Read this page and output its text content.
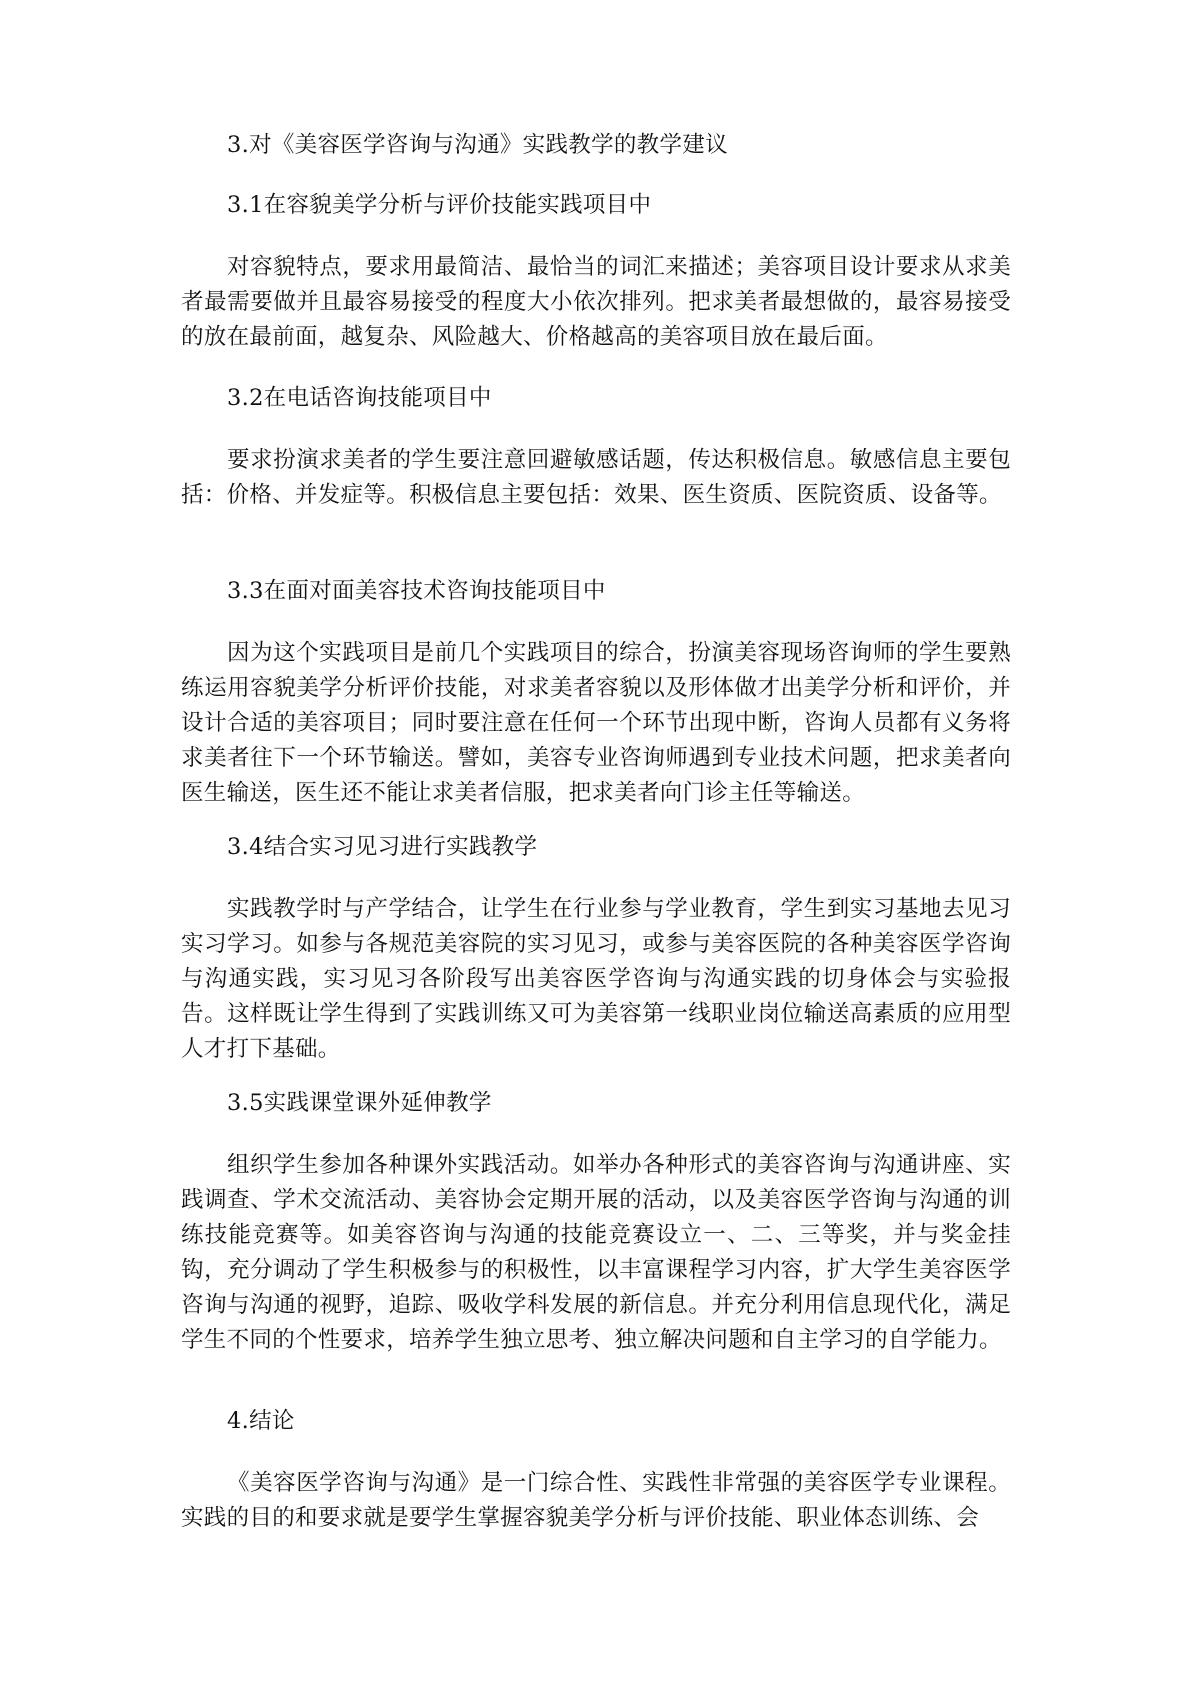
3.对《美容医学咨询与沟通》实践教学的教学建议

3.1在容貌美学分析与评价技能实践项目中

对容貌特点，要求用最简洁、最恰当的词汇来描述；美容项目设计要求从求美者最需要做并且最容易接受的程度大小依次排列。把求美者最想做的，最容易接受的放在最前面，越复杂、风险越大、价格越高的美容项目放在最后面。

3.2在电话咨询技能项目中

要求扮演求美者的学生要注意回避敏感话题，传达积极信息。敏感信息主要包括：价格、并发症等。积极信息主要包括：效果、医生资质、医院资质、设备等。

3.3在面对面美容技术咨询技能项目中

因为这个实践项目是前几个实践项目的综合，扮演美容现场咨询师的学生要熟练运用容貌美学分析评价技能，对求美者容貌以及形体做才出美学分析和评价，并设计合适的美容项目；同时要注意在任何一个环节出现中断，咨询人员都有义务将求美者往下一个环节输送。譬如，美容专业咨询师遇到专业技术问题，把求美者向医生输送，医生还不能让求美者信服，把求美者向门诊主任等输送。

3.4结合实习见习进行实践教学

实践教学时与产学结合，让学生在行业参与学业教育，学生到实习基地去见习实习学习。如参与各规范美容院的实习见习，或参与美容医院的各种美容医学咨询与沟通实践，实习见习各阶段写出美容医学咨询与沟通实践的切身体会与实验报告。这样既让学生得到了实践训练又可为美容第一线职业岗位输送高素质的应用型人才打下基础。

3.5实践课堂课外延伸教学

组织学生参加各种课外实践活动。如举办各种形式的美容咨询与沟通讲座、实践调查、学术交流活动、美容协会定期开展的活动，以及美容医学咨询与沟通的训练技能竞赛等。如美容咨询与沟通的技能竞赛设立一、二、三等奖，并与奖金挂钩，充分调动了学生积极参与的积极性，以丰富课程学习内容，扩大学生美容医学咨询与沟通的视野，追踪、吸收学科发展的新信息。并充分利用信息现代化，满足学生不同的个性要求，培养学生独立思考、独立解决问题和自主学习的自学能力。

4.结论

《美容医学咨询与沟通》是一门综合性、实践性非常强的美容医学专业课程。实践的目的和要求就是要学生掌握容貌美学分析与评价技能、职业体态训练、会
